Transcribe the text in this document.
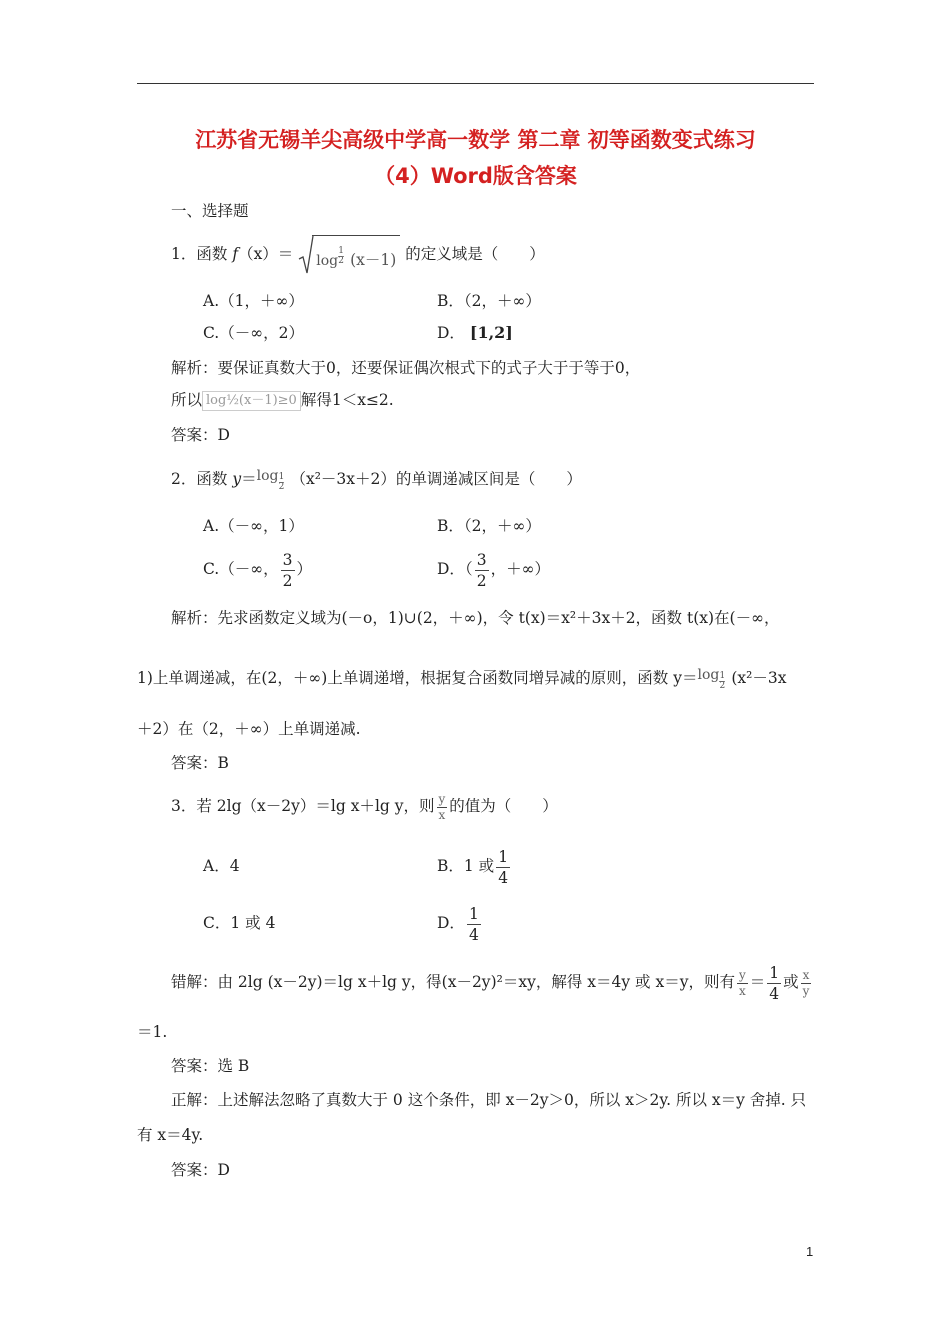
江苏省无锡羊尖高级中学高一数学 第二章 初等函数变式练习
（4）Word版含答案
一、选择题
1．函数 f（x）＝ log
1
2 (x－1) 的定义域是（　　）
A.（1，＋∞）	B．（2，＋∞）
C.（－∞，2）	D． [1,2]
解析：要保证真数大于0，还要保证偶次根式下的式子大于于等于0，
所以 log½(x－1)≥0 解得1＜x≤2.
答案：D
2．函数 y＝log 1
2 （x²－3x＋2）的单调递减区间是（　　）
A.（－∞，1）	B．（2，＋∞）
C.（－∞， $\frac{3}{2}$ ）	D．（ $\frac{3}{2}$ ，＋∞）
解析：先求函数定义域为(－o，1)∪(2，＋∞)，令 t(x)＝x²＋3x＋2，函数 t(x)在(－∞，
1)上单调递减，在(2，＋∞)上单调递增，根据复合函数同增异减的原则，函数 y＝log 1
2 (x²－3x
＋2）在（2，＋∞）上单调递减.
答案：B
3．若 2lg（x－2y）＝lg x＋lg y，则 $\frac{y}{x}$ 的值为（　　）
A．4	B．1 或 $\frac{1}{4}$
C．1 或 4	D． $\frac{1}{4}$
错解：由 2lg (x－2y)＝lg x＋lg y，得(x－2y)²＝xy，解得 x＝4y 或 x＝y，则有 $\frac{y}{x} = \frac{1}{4}$ 或 $\frac{x}{y}$
＝1.
答案：选 B
正解：上述解法忽略了真数大于 0 这个条件，即 x－2y＞0，所以 x＞2y. 所以 x＝y 舍掉. 只
有 x＝4y.
答案：D
1
